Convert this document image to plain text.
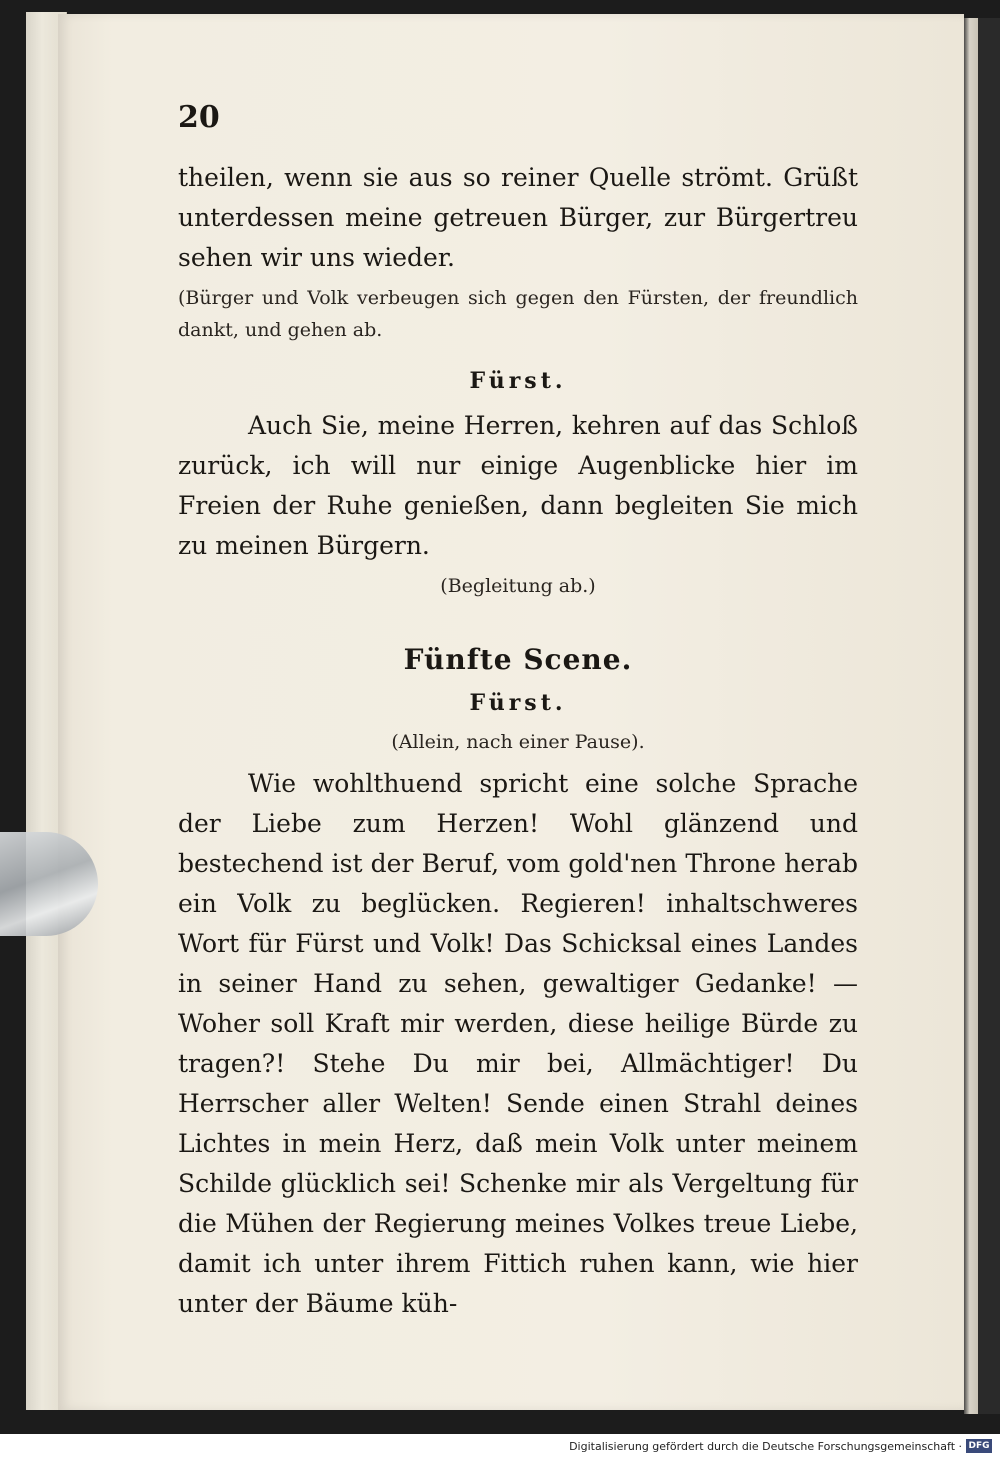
20

theilen, wenn sie aus so reiner Quelle strömt. Grüßt unterdessen meine getreuen Bürger, zur Bürgertreu sehen wir uns wieder.

(Bürger und Volk verbeugen sich gegen den Fürsten, der freundlich dankt, und gehen ab.

Fürst.

Auch Sie, meine Herren, kehren auf das Schloß zurück, ich will nur einige Augenblicke hier im Freien der Ruhe genießen, dann begleiten Sie mich zu meinen Bürgern.

(Begleitung ab.)

Fünfte Scene.
Fürst.

(Allein, nach einer Pause).

Wie wohlthuend spricht eine solche Sprache der Liebe zum Herzen! Wohl glänzend und bestechend ist der Beruf, vom gold'nen Throne herab ein Volk zu beglücken. Regieren! inhaltschweres Wort für Fürst und Volk! Das Schicksal eines Landes in seiner Hand zu sehen, gewaltiger Gedanke! — Woher soll Kraft mir werden, diese heilige Bürde zu tragen?! Stehe Du mir bei, Allmächtiger! Du Herrscher aller Welten! Sende einen Strahl deines Lichtes in mein Herz, daß mein Volk unter meinem Schilde glücklich sei! Schenke mir als Vergeltung für die Mühen der Regierung meines Volkes treue Liebe, damit ich unter ihrem Fittich ruhen kann, wie hier unter der Bäume küh-

Digitalisierung gefördert durch die Deutsche Forschungsgemeinschaft · DFG
